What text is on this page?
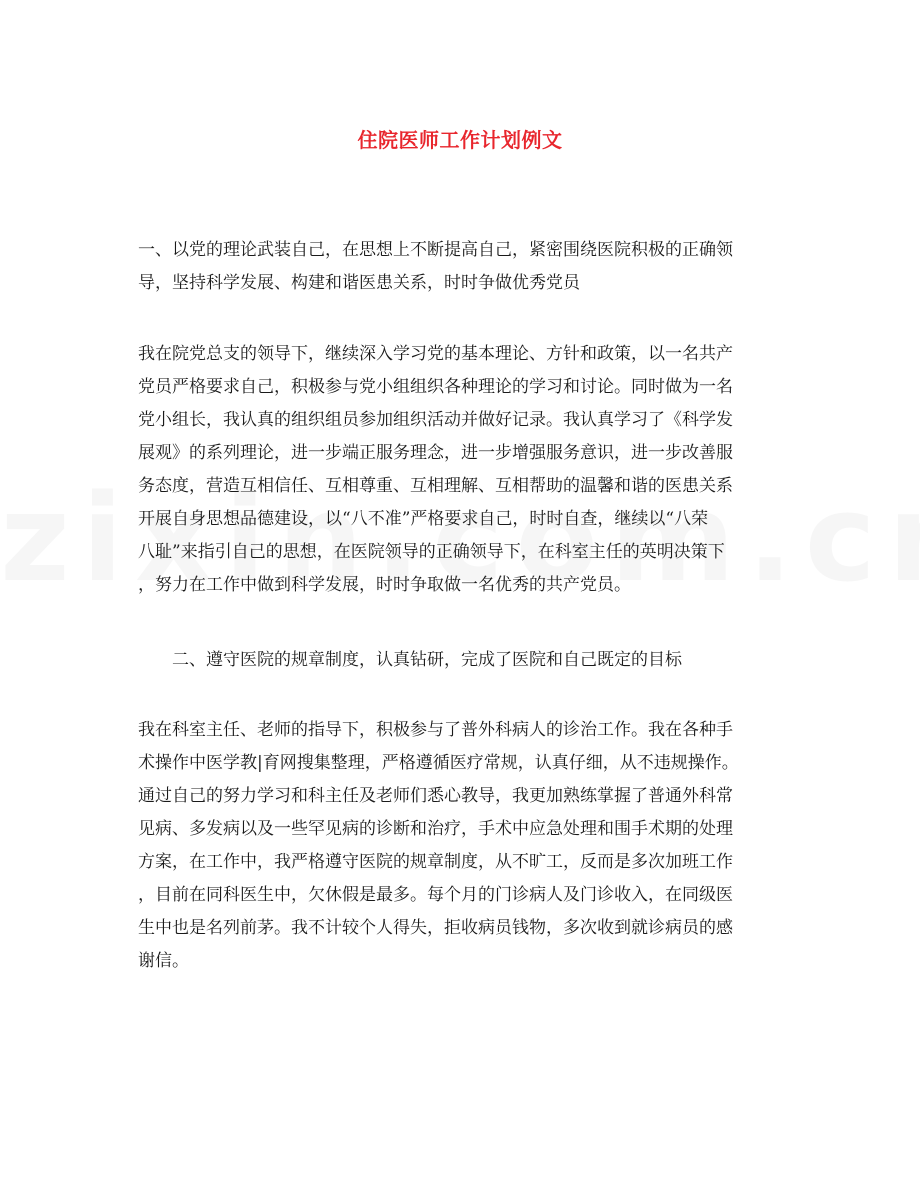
住院医师工作计划例文
一、以党的理论武装自己，在思想上不断提高自己，紧密围绕医院积极的正确领
导，坚持科学发展、构建和谐医患关系，时时争做优秀党员
我在院党总支的领导下，继续深入学习党的基本理论、方针和政策，以一名共产
党员严格要求自己，积极参与党小组组织各种理论的学习和讨论。同时做为一名
党小组长，我认真的组织组员参加组织活动并做好记录。我认真学习了《科学发
展观》的系列理论，进一步端正服务理念，进一步增强服务意识，进一步改善服
务态度，营造互相信任、互相尊重、互相理解、互相帮助的温馨和谐的医患关系
开展自身思想品德建设，以“八不准”严格要求自己，时时自查，继续以“八荣
八耻”来指引自己的思想，在医院领导的正确领导下，在科室主任的英明决策下
，努力在工作中做到科学发展，时时争取做一名优秀的共产党员。
二、遵守医院的规章制度，认真钻研，完成了医院和自己既定的目标
我在科室主任、老师的指导下，积极参与了普外科病人的诊治工作。我在各种手
术操作中医学教|育网搜集整理，严格遵循医疗常规，认真仔细，从不违规操作。
通过自己的努力学习和科主任及老师们悉心教导，我更加熟练掌握了普通外科常
见病、多发病以及一些罕见病的诊断和治疗，手术中应急处理和围手术期的处理
方案，在工作中，我严格遵守医院的规章制度，从不旷工，反而是多次加班工作
，目前在同科医生中，欠休假是最多。每个月的门诊病人及门诊收入，在同级医
生中也是名列前茅。我不计较个人得失，拒收病员钱物，多次收到就诊病员的感
谢信。
